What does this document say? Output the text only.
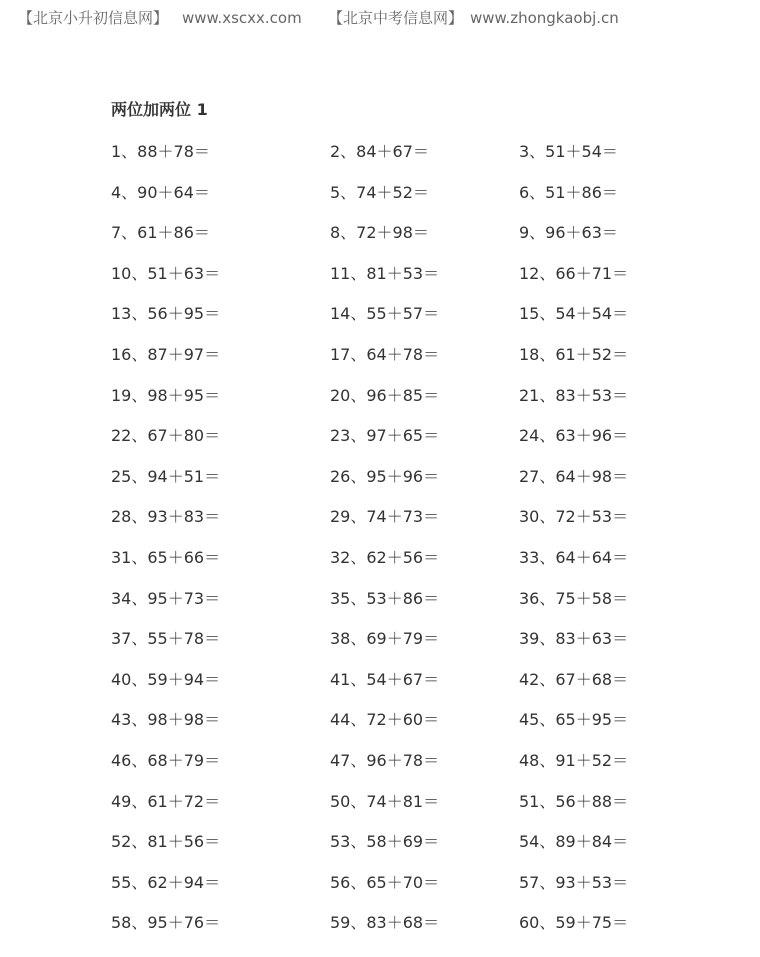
【北京小升初信息网】 www.xscxx.com 【北京中考信息网】 www.zhongkaobj.cn
两位加两位 1
1、88＋78＝	2、84＋67＝	3、51＋54＝
4、90＋64＝	5、74＋52＝	6、51＋86＝
7、61＋86＝	8、72＋98＝	9、96＋63＝
10、51＋63＝	11、81＋53＝	12、66＋71＝
13、56＋95＝	14、55＋57＝	15、54＋54＝
16、87＋97＝	17、64＋78＝	18、61＋52＝
19、98＋95＝	20、96＋85＝	21、83＋53＝
22、67＋80＝	23、97＋65＝	24、63＋96＝
25、94＋51＝	26、95＋96＝	27、64＋98＝
28、93＋83＝	29、74＋73＝	30、72＋53＝
31、65＋66＝	32、62＋56＝	33、64＋64＝
34、95＋73＝	35、53＋86＝	36、75＋58＝
37、55＋78＝	38、69＋79＝	39、83＋63＝
40、59＋94＝	41、54＋67＝	42、67＋68＝
43、98＋98＝	44、72＋60＝	45、65＋95＝
46、68＋79＝	47、96＋78＝	48、91＋52＝
49、61＋72＝	50、74＋81＝	51、56＋88＝
52、81＋56＝	53、58＋69＝	54、89＋84＝
55、62＋94＝	56、65＋70＝	57、93＋53＝
58、95＋76＝	59、83＋68＝	60、59＋75＝
